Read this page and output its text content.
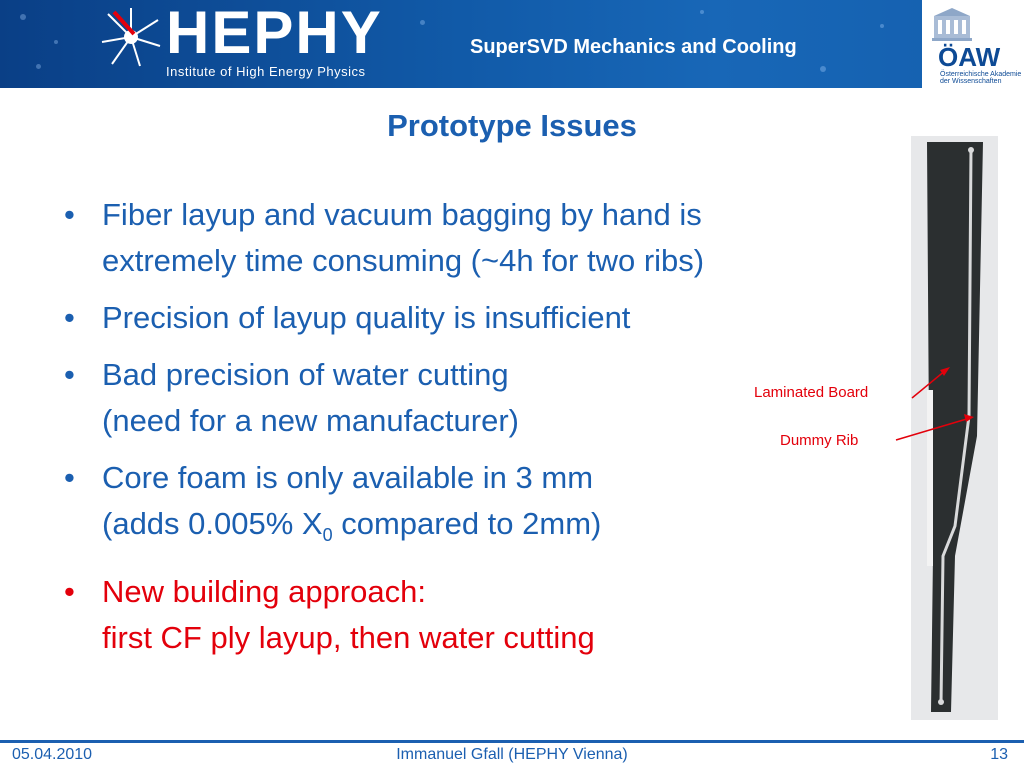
HEPHY
Institute of High Energy Physics
SuperSVD Mechanics and Cooling	ÖAW
Österreichische Akademie
der Wissenschaften
Prototype Issues
• Fiber layup and vacuum bagging by hand is
extremely time consuming (~4h for two ribs)
• Precision of layup quality is insufficient
• Bad precision of water cutting
(need for a new manufacturer)
• Core foam is only available in 3 mm
(adds 0.005% $X_0$ compared to 2mm)
• New building approach:
first CF ply layup, then water cutting
Laminated Board
Dummy Rib
05.04.2010	Immanuel Gfall (HEPHY Vienna)	13
